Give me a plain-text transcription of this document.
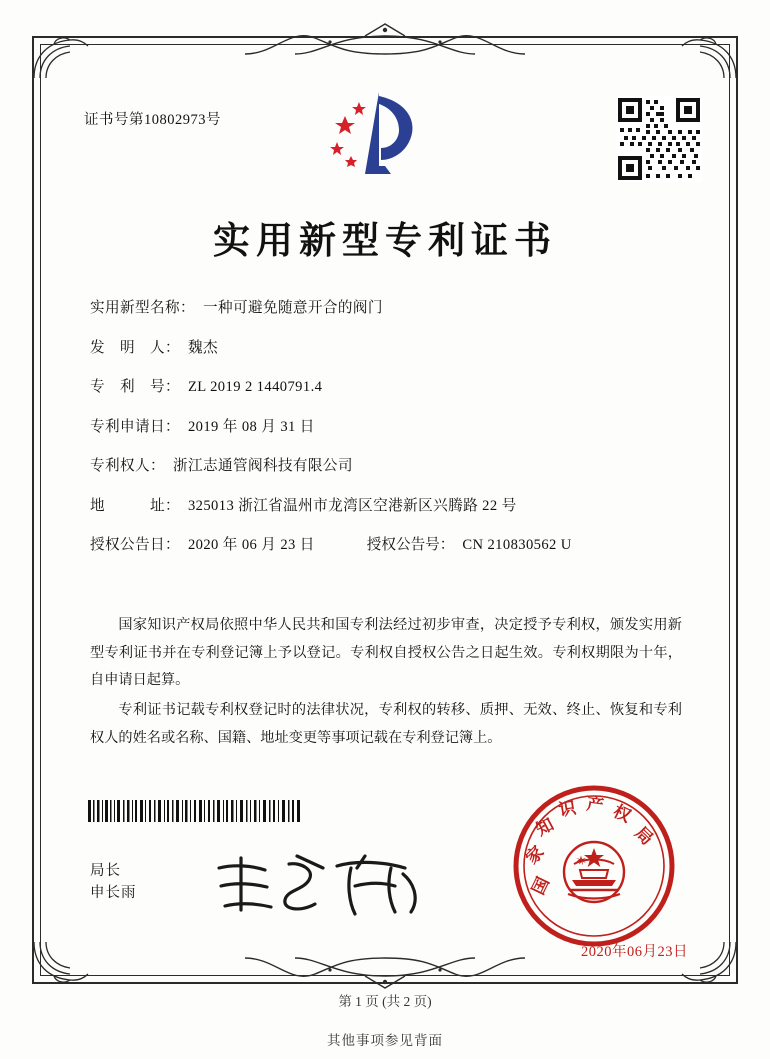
证书号第10802973号
实用新型专利证书
实用新型名称： 一种可避免随意开合的阀门
发　明　人： 魏杰
专　利　号： ZL 2019 2 1440791.4
专利申请日： 2019 年 08 月 31 日
专利权人： 浙江志通管阀科技有限公司
地　　　址： 325013 浙江省温州市龙湾区空港新区兴腾路 22 号
授权公告日： 2020 年 06 月 23 日	授权公告号： CN 210830562 U

国家知识产权局依照中华人民共和国专利法经过初步审查，决定授予专利权，颁发实用新型专利证书并在专利登记簿上予以登记。专利权自授权公告之日起生效。专利权期限为十年，自申请日起算。

专利证书记载专利权登记时的法律状况，专利权的转移、质押、无效、终止、恢复和专利权人的姓名或名称、国籍、地址变更等事项记载在专利登记簿上。

局长
申长雨	国
家
知
识 产 权
局
2020年06月23日
第 1 页 (共 2 页)
其他事项参见背面
